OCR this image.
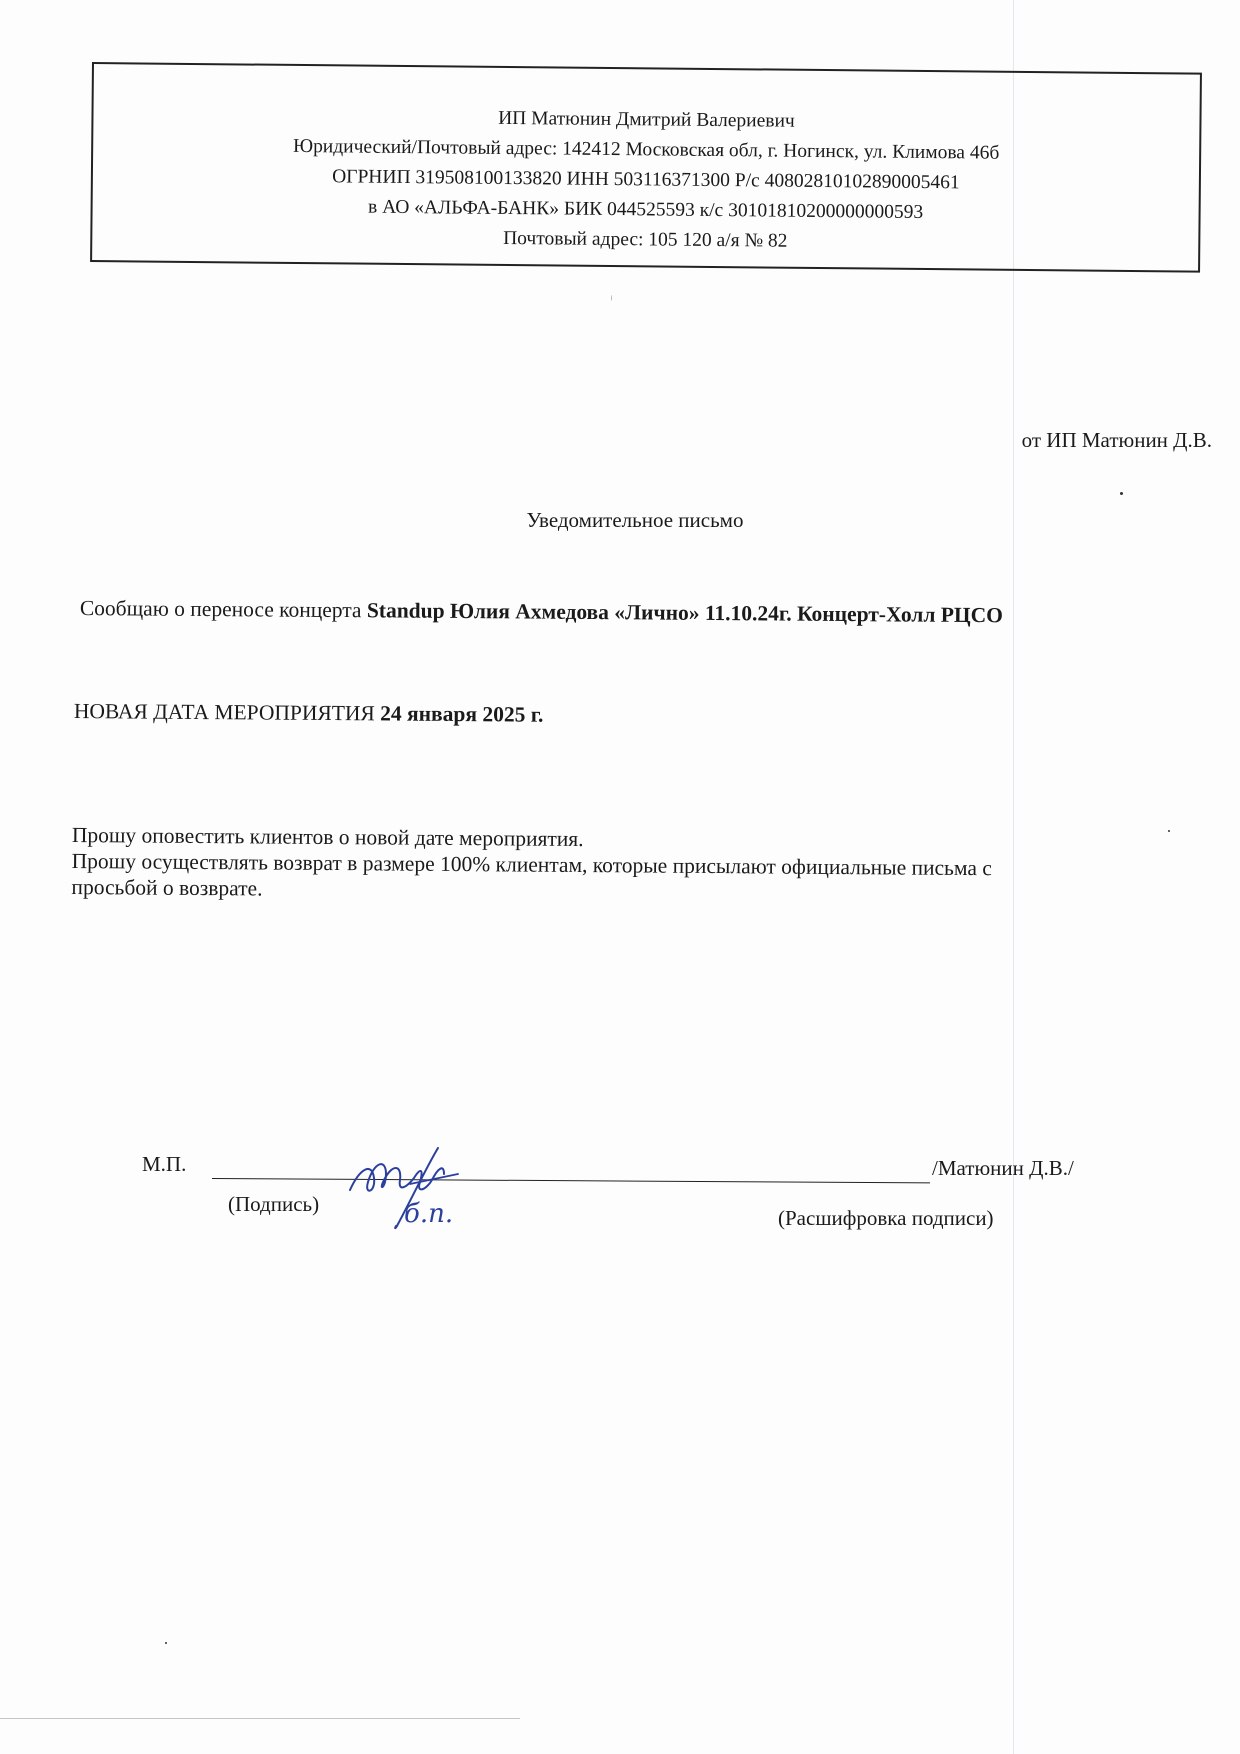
ИП Матюнин Дмитрий Валериевич
Юридический/Почтовый адрес: 142412 Московская обл, г. Ногинск, ул. Климова 46б
ОГРНИП 319508100133820 ИНН 503116371300 Р/с 40802810102890005461
в АО «АЛЬФА-БАНК» БИК 044525593 к/с 30101810200000000593
Почтовый адрес: 105 120 а/я № 82
от ИП Матюнин Д.В.
Уведомительное письмо
Сообщаю о переносе концерта Standup Юлия Ахмедова «Лично» 11.10.24г. Концерт-Холл РЦСО
НОВАЯ ДАТА МЕРОПРИЯТИЯ 24 января 2025 г.
Прошу оповестить клиентов о новой дате мероприятия.
Прошу осуществлять возврат в размере 100% клиентам, которые присылают официальные письма с
просьбой о возврате.
М.П.
(Подпись)
/Матюнин Д.В./
(Расшифровка подписи)
б.п.
